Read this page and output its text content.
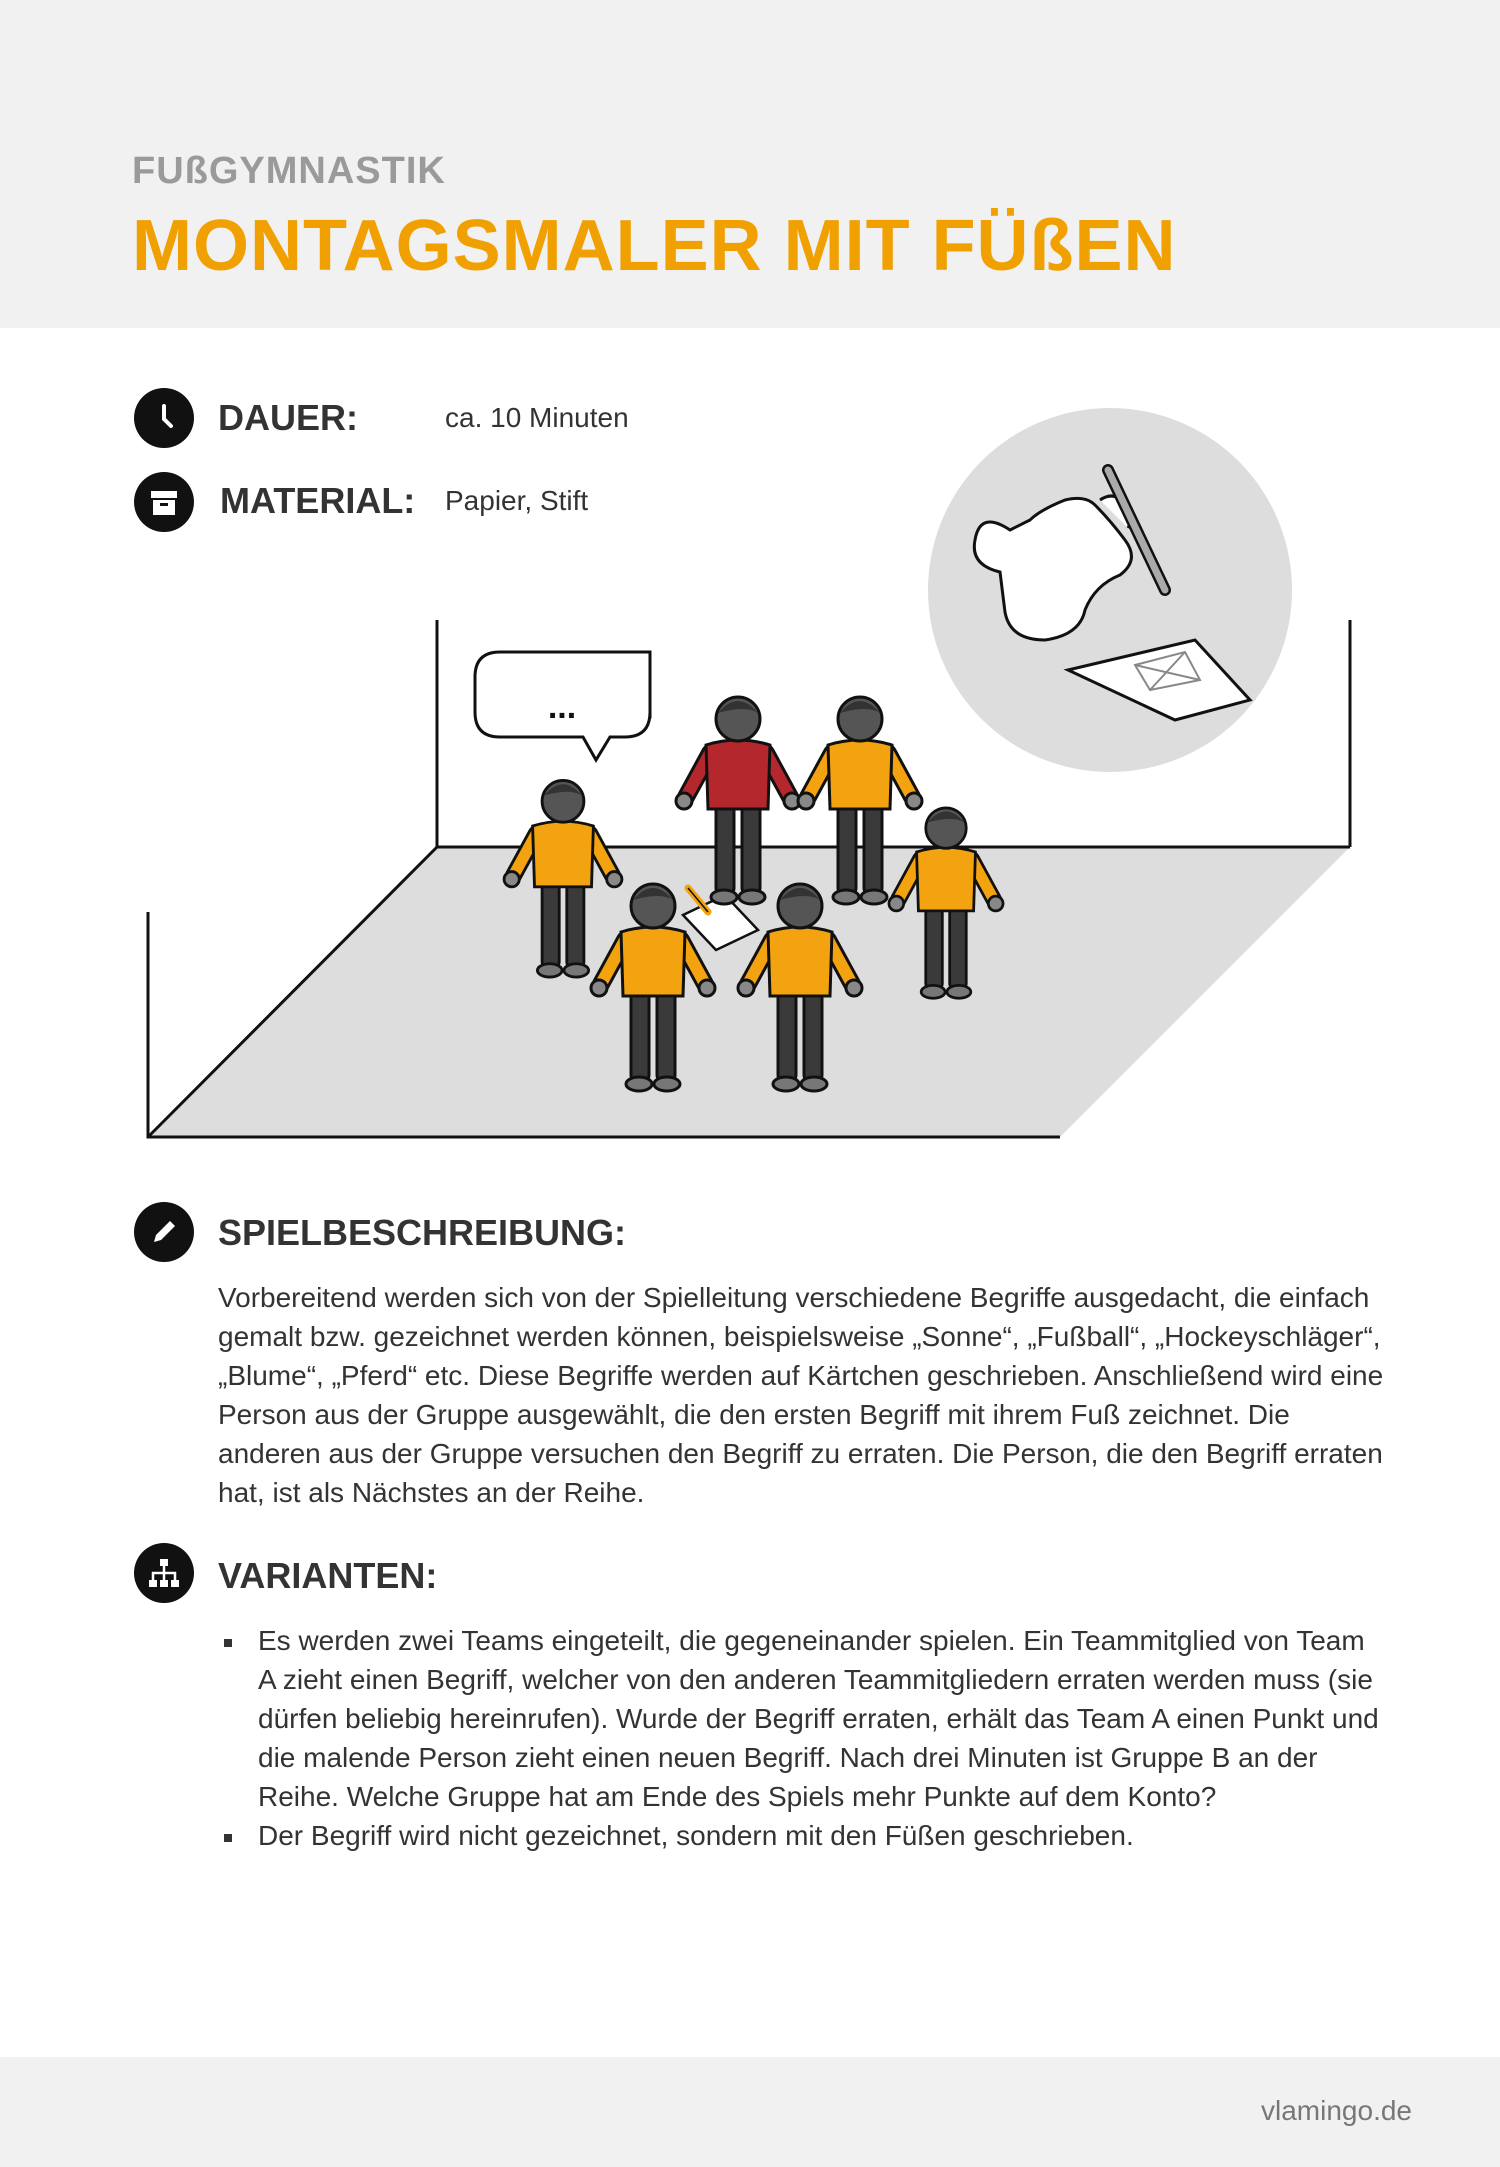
FUßGYMNASTIK
MONTAGSMALER MIT FÜßEN
...
DAUER:	ca. 10 Minuten
MATERIAL: Papier, Stift
SPIELBESCHREIBUNG:
Vorbereitend werden sich von der Spielleitung verschiedene Begriffe ausgedacht, die einfach gemalt bzw. gezeichnet werden können, beispielsweise „Sonne“, „Fußball“, „Hockeyschläger“, „Blume“, „Pferd“ etc. Diese Begriffe werden auf Kärtchen geschrieben. Anschließend wird eine Person aus der Gruppe ausgewählt, die den ersten Begriff mit ihrem Fuß zeichnet. Die anderen aus der Gruppe versuchen den Begriff zu erraten. Die Person, die den Begriff erraten hat, ist als Nächstes an der Reihe.
VARIANTEN:
Es werden zwei Teams eingeteilt, die gegeneinander spielen. Ein Teammitglied von Team A zieht einen Begriff, welcher von den anderen Teammitgliedern erraten werden muss (sie dürfen beliebig hereinrufen). Wurde der Begriff erraten, erhält das Team A einen Punkt und die malende Person zieht einen neuen Begriff. Nach drei Minuten ist Gruppe B an der Reihe. Welche Gruppe hat am Ende des Spiels mehr Punkte auf dem Konto?
Der Begriff wird nicht gezeichnet, sondern mit den Füßen geschrieben.
vlamingo.de
